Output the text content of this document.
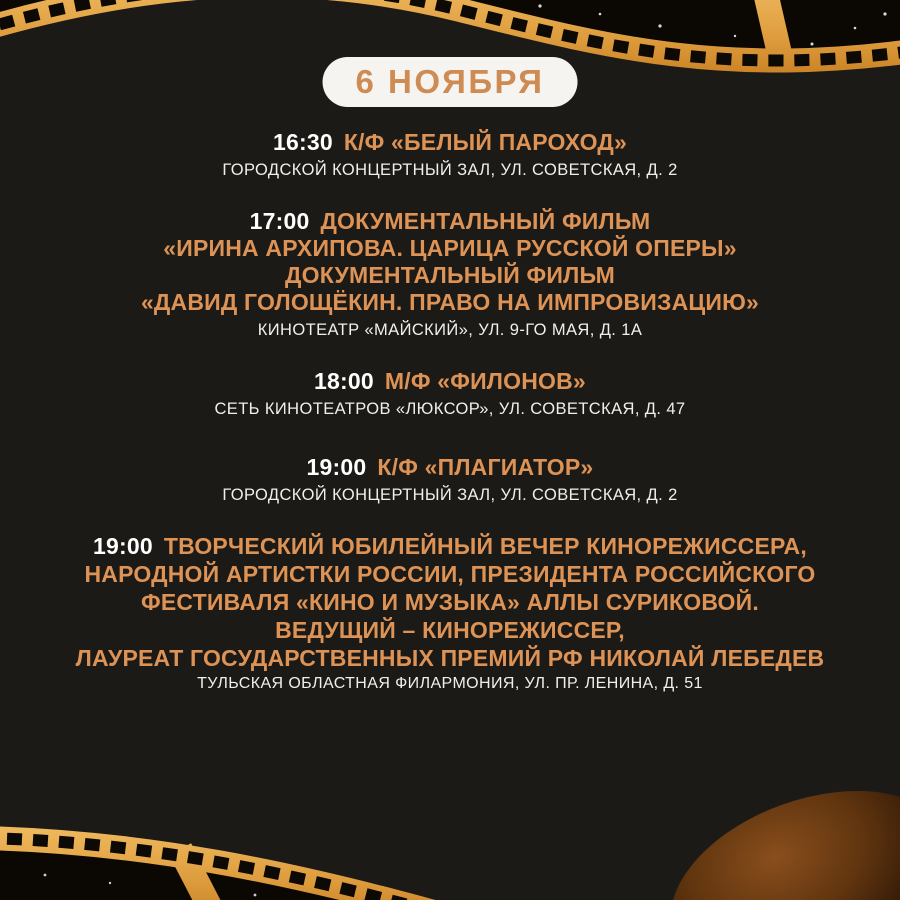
6 НОЯБРЯ
16:30 К/Ф «БЕЛЫЙ ПАРОХОД»
ГОРОДСКОЙ КОНЦЕРТНЫЙ ЗАЛ, УЛ. СОВЕТСКАЯ, Д. 2
17:00 ДОКУМЕНТАЛЬНЫЙ ФИЛЬМ
«ИРИНА АРХИПОВА. ЦАРИЦА РУССКОЙ ОПЕРЫ»
ДОКУМЕНТАЛЬНЫЙ ФИЛЬМ
«ДАВИД ГОЛОЩЁКИН. ПРАВО НА ИМПРОВИЗАЦИЮ»
КИНОТЕАТР «МАЙСКИЙ», УЛ. 9-ГО МАЯ, Д. 1А
18:00 М/Ф «ФИЛОНОВ»
СЕТЬ КИНОТЕАТРОВ «ЛЮКСОР», УЛ. СОВЕТСКАЯ, Д. 47
19:00 К/Ф «ПЛАГИАТОР»
ГОРОДСКОЙ КОНЦЕРТНЫЙ ЗАЛ, УЛ. СОВЕТСКАЯ, Д. 2
19:00 ТВОРЧЕСКИЙ ЮБИЛЕЙНЫЙ ВЕЧЕР КИНОРЕЖИССЕРА,
НАРОДНОЙ АРТИСТКИ РОССИИ, ПРЕЗИДЕНТА РОССИЙСКОГО
ФЕСТИВАЛЯ «КИНО И МУЗЫКА» АЛЛЫ СУРИКОВОЙ.
ВЕДУЩИЙ – КИНОРЕЖИССЕР,
ЛАУРЕАТ ГОСУДАРСТВЕННЫХ ПРЕМИЙ РФ НИКОЛАЙ ЛЕБЕДЕВ
ТУЛЬСКАЯ ОБЛАСТНАЯ ФИЛАРМОНИЯ, УЛ. ПР. ЛЕНИНА, Д. 51
